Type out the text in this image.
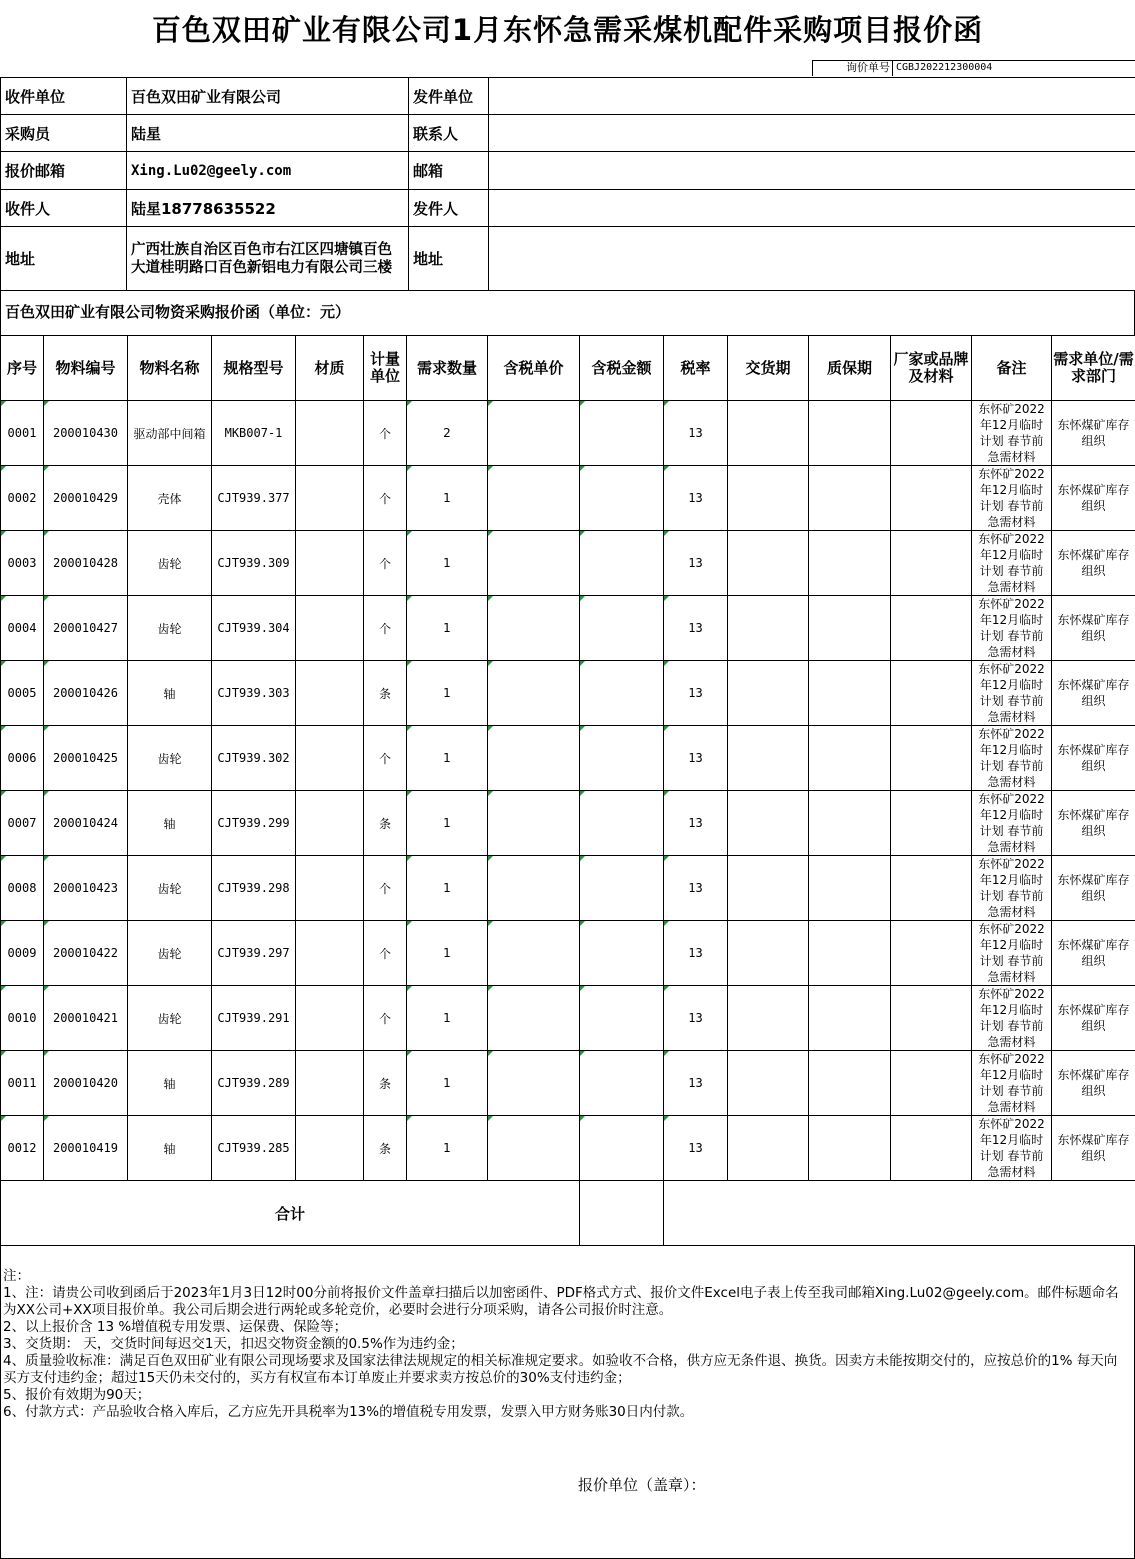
百色双田矿业有限公司1月东怀急需采煤机配件采购项目报价函
询价单号 CGBJ202212300004
收件单位	百色双田矿业有限公司	发件单位	
采购员	陆星	联系人	
报价邮箱	Xing.Lu02@geely.com	邮箱	
收件人	陆星18778635522	发件人	
地址	广西壮族自治区百色市右江区四塘镇百色大道桂明路口百色新铝电力有限公司三楼	地址	
百色双田矿业有限公司物资采购报价函（单位：元）
序号	物料编号	物料名称	规格型号	材质	计量单位	需求数量	含税单价	含税金额	税率	交货期	质保期	厂家或品牌及材料	备注	需求单位/需求部门
0001	200010430	驱动部中间箱	MKB007-1		个	2			13				东怀矿2022年12月临时计划 春节前急需材料	东怀煤矿库存组织
0002	200010429	壳体	CJT939.377		个	1			13				东怀矿2022年12月临时计划 春节前急需材料	东怀煤矿库存组织
0003	200010428	齿轮	CJT939.309		个	1			13				东怀矿2022年12月临时计划 春节前急需材料	东怀煤矿库存组织
0004	200010427	齿轮	CJT939.304		个	1			13				东怀矿2022年12月临时计划 春节前急需材料	东怀煤矿库存组织
0005	200010426	轴	CJT939.303		条	1			13				东怀矿2022年12月临时计划 春节前急需材料	东怀煤矿库存组织
0006	200010425	齿轮	CJT939.302		个	1			13				东怀矿2022年12月临时计划 春节前急需材料	东怀煤矿库存组织
0007	200010424	轴	CJT939.299		条	1			13				东怀矿2022年12月临时计划 春节前急需材料	东怀煤矿库存组织
0008	200010423	齿轮	CJT939.298		个	1			13				东怀矿2022年12月临时计划 春节前急需材料	东怀煤矿库存组织
0009	200010422	齿轮	CJT939.297		个	1			13				东怀矿2022年12月临时计划 春节前急需材料	东怀煤矿库存组织
0010	200010421	齿轮	CJT939.291		个	1			13				东怀矿2022年12月临时计划 春节前急需材料	东怀煤矿库存组织
0011	200010420	轴	CJT939.289		条	1			13				东怀矿2022年12月临时计划 春节前急需材料	东怀煤矿库存组织
0012	200010419	轴	CJT939.285		条	1			13				东怀矿2022年12月临时计划 春节前急需材料	东怀煤矿库存组织
合计														

注：

1、注：请贵公司收到函后于2023年1月3日12时00分前将报价文件盖章扫描后以加密函件、PDF格式方式、报价文件Excel电子表上传至我司邮箱Xing.Lu02@geely.com。邮件标题命名为XX公司+XX项目报价单。我公司后期会进行两轮或多轮竞价，必要时会进行分项采购，请各公司报价时注意。

2、以上报价含 13 %增值税专用发票、运保费、保险等；

3、交货期： 天，交货时间每迟交1天，扣迟交物资金额的0.5%作为违约金；

4、质量验收标准：满足百色双田矿业有限公司现场要求及国家法律法规规定的相关标准规定要求。如验收不合格，供方应无条件退、换货。因卖方未能按期交付的，应按总价的1% 每天向买方支付违约金；超过15天仍未交付的，买方有权宣布本订单废止并要求卖方按总价的30%支付违约金；

5、报价有效期为90天；

6、付款方式：产品验收合格入库后，乙方应先开具税率为13%的增值税专用发票，发票入甲方财务账30日内付款。

报价单位（盖章）：
